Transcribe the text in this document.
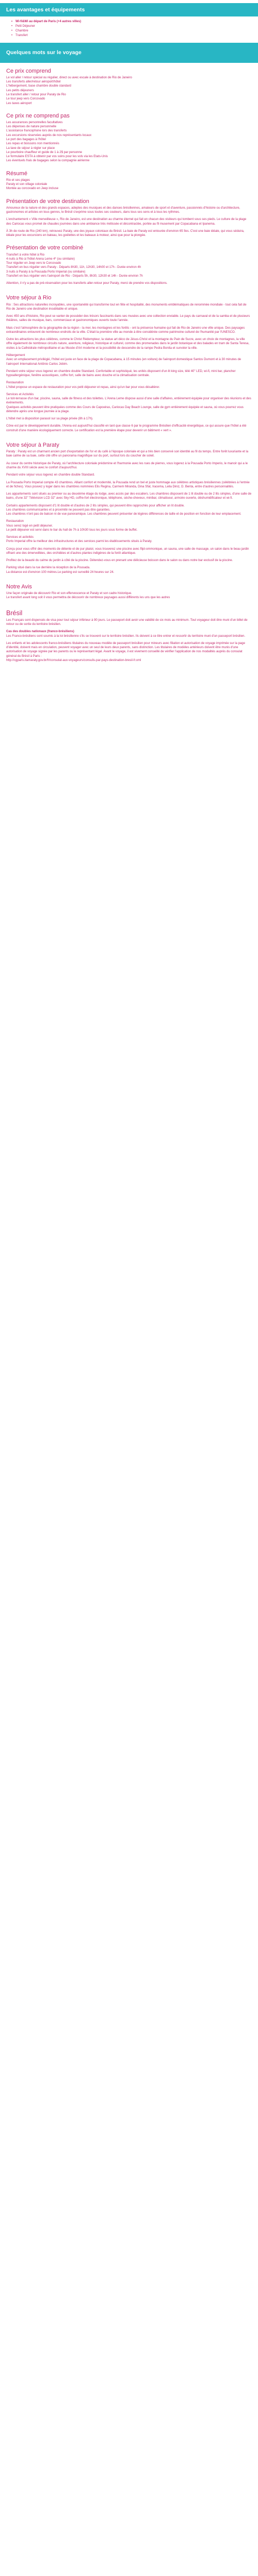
Les avantages et équipements
• Wi-fi&Wi au départ de Paris (+4 autres villes)
• Petit Déjeuner
• Chambre
• Transfert
Quelques mots sur le voyage
Ce prix comprend

Le vol aller / retour spécial ou régulier, direct ou avec escale à destination de Rio de Janeiro

Les transferts aller/retour aéroport/hôtel

L'hébergement, base chambre double standard

Les petits déjeuners

Le transfert aller / retour pour Paraty de Rio

Le tour jeep vers Corcovado

Les taxes aéroport

Ce prix ne comprend pas

Les assurances personnelles facultatives

Les dépenses de nature personnelle

L'assistance francophone lors des transferts

Les excursions réservées auprès de nos représentants locaux

Le port des bagages à l'hôtel

Les repas et boissons non mentionnés

La taxe de séjour à régler sur place

Le pourboire chauffeur et guide de 1 à 2$ par personne

Le formulaire ESTA à obtenir par vos soins pour les vols via les Etats-Unis

Les éventuels frais de bagages selon la compagnie aérienne

Résumé

Rio et ses plages

Paraty et son village coloniale

Montée au corcovado en Jeep incluse

Présentation de votre destination

Amoureux de la nature et des grands espaces, adeptes des musiques et des danses brésiliennes, amateurs de sport et d'aventure, passionnés d'histoire ou d'architecture, gastronomes et artistes en tous genres, le Brésil s'exprime sous toutes ses couleurs, dans tous ses sens et à tous les rythmes.

L'enchantement « Ville merveilleuse », Rio de Janeiro, est une destination au charme éternel qui fait en chacun des visiteurs qui tombent sous ses pieds. Le culture de la plage des Cariocas vous promet de chaudes journées dans une ambiance très métissée et décontractée, portée au fil musement par Copacabana et Ipanema.

À 3h de route de Rio (240 km), retrouvez Paraty, une des joyaux coloniaux du Brésil. La baie de Paraty est entourée d'environ 65 îles. C'est une baie idéale, qui vous séduira, idéale pour les excursions en bateau, les goélettes et les bateaux à moteur, ainsi que pour la plongée.

Présentation de votre combiné

Transfert à votre hôtel à Rio

4 nuits à Rio à l'hôtel Arena Leme 4* (ou similaire)

Tour régulier en Jeep vers le Corcovado

Transfert en bus régulier vers Paraty - Départs 8h30, 11h, 12h30, 14h00 et 17h - Durée environ 4h

3 nuits à Paraty à la Pousada Porto Imperial (ou similaire)

Transfert en bus régulier vers l'aéroport de Rio - Départs 5h, 8h30, 12h30 et 14h - Durée environ 7h

Attention, il n'y a pas de pré-réservation pour les transferts aller-retour pour Paraty, merci de prendre vos dispositions.

Votre séjour à Rio

Rio : Ses attractions naturelles incroyables, une spontanéité qui transforme tout en fête et hospitalité, des monuments emblématiques de renommée mondiale - tout cela fait de Rio de Janeiro une destination inoubliable et unique.

Avec 450 ans d'histoire, Rio peut se vanter de posséder des trésors fascinants dans ses musées avec une collection enviable. Le pays du carnaval et de la samba et de plusieurs théâtres, salles de musique, bars, commerciaux et gastronomiques ouverts toute l'année.

Mais c'est l'atmosphère de la géographie de la région - la mer, les montagnes et les forêts - ont la présence humaine qui fait de Rio de Janeiro une ville unique. Des paysages extraordinaires entourent de nombreux endroits de la ville. C'était la première ville au monde à être considérée comme patrimoine culturel de l'humanité par l'UNESCO.

Outre les attractions les plus célèbres, comme le Christ Rédempteur, la statue art déco de Jésus-Christ et la montagne du Pain de Sucre, avec un choix de montagnes, la ville offre également de nombreux circuits nature, aventure, religieux, historique et culturel, comme des promenades dans le jardin botanique et des balades en tram de Santa Teresa, visites à la Cathédrale métropolitaine et au Musée d'Art moderne et la possibilité de descendre de la rampe Pedra Bonita et survoler la ville.

Hébergement

Avec un emplacement privilégié, l'hôtel est juste en face de la plage de Copacabana, à 15 minutes (en voiture) de l'aéroport domestique Santos Dumont et à 30 minutes de l'aéroport International Antônio Carlos Jobim.

Pendant votre séjour vous logerez en chambre double Standard. Confortable et sophistiqué, les unités disposent d'un lit king size, télé 40" LED, wi-fi, mini bar, plancher hypoallergénique, fenêtre acoustiques, coffre fort, salle de bains avec douche et la climatisation centrale.

Restauration

L'hôtel propose un espace de restauration pour vos petit déjeuner et repas, ainsi qu'un bar pour vous désaltérer.

Services et Activités

Le toit-terrasse d'un bar, piscine, sauna, salle de fitness et des toilettes. L'Arena Leme dispose aussi d'une salle d'affaires, entièrement équipée pour organiser des réunions et des événements.

Quelques activités peuvent être pratiquées comme des Cours de Capoeiras, Cariocas Day Beach Lounge, salle de gym entièrement équipée et sauna, où vous pourrez vous détendre après une longue journée à la plage.

L'hôtel met à disposition parasol sur sa plage privée (8h à 17h).

Cône est par le développement durable, l'Arena est aujourd'hui classifié en tant que classe 6 par le programme Brésilien d'efficacité énergétique, ce qui assure que l'hôtel a été construit d'une manière écologiquement correcte. Le certification est la première étape pour devenir un bâtiment « vert ».

Votre séjour à Paraty

Paraty : Paraty est un charmant ancien port d'exportation de l'or et du café à l'époque coloniale et qui a très bien conservé son identité au fil du temps. Entre forêt luxuriante et la baie calme de sa baie, cette cité offre un panorama magnifique sur du port, surtout lors du coucher de soleil.

Au coeur du centre historique de Paraty, où l'architecture coloniale prédomine et l'harmonie avec les rues de pierres, vous logerez à la Pousada Porto Imperio, le manoir qui a le charme du XVIII siècle avec le confort d'aujourd'hui.

Pendant votre séjour vous logerez en chambre double Standard.

La Pousada Porto Imperial compte 43 chambres. Alliant confort et modernité, la Pousada rend un bel et juste hommage aux célèbres artistiques brésiliennes (célébrées à l'entrée et de fiches). Vous pouvez y loger dans les chambres nommées Elis Regina, Carmem Miranda, Dina Sfat, Iracema, Leila Diniz, D. Benta, entre d'autres personnalités.

Les appartements sont situés au premier ou au deuxième étage du lodge, avec accès par des escaliers. Les chambres disposent de 1 lit double ou de 2 lits simples, d'une salle de bains, d'une 32" Télévision LCD 32" avec Sky HD, coffre-fort électronique, téléphone, sèche-cheveux, minibar, climatiseur, armoire ouverte, déshumidificateur et wi-fi.

Certains appartements disposent d'1 lit double et d'autres de 2 lits simples, qui peuvent être rapprochés pour afficher un lit double.

Les chambres communicantes et à proximité ne peuvent pas être garanties.

Les chambres n'ont pas de balcon ni de vue panoramique. Les chambres peuvent présenter de légères différences de taille et de position en fonction de leur emplacement.

Restauration

Vous serez logé en petit déjeuner.

Le petit déjeuner est servi dans le bar du hall de 7h à 10h30 tous les jours sous forme de buffet.

Services et activités

Porto Imperial offre la meilleur des infrastructures et des services parmi les établissements situés à Paraty.

Conçu pour vous offrir des moments de détente et de pur plaisir, vous trouverez une piscine avec flipt-ommonique, un sauna, une salle de massage, un salon dans le beau jardin offrant une des émerveillées, des orchidées et d'autres plantes indigènes de la forêt atlantique.

Profitez de la beauté du calme du jardin à côté de la piscine. Détendez-vous en prenant une délicieuse boisson dans le salon ou dans notre bar exclusif de la piscine.

Parking situé dans la rue derrière la réception de la Pousada.

La distance est d'environ 100 mètres.Le parking est surveillé 24 heures sur 24.

Notre Avis

Une façon originale de découvrir Rio et son effervescence et Paraty et son cadre historique.

Le transfert avant long soit il vous permettra de découvrir de nombreux paysages aussi différents les uns que les autres

Brésil

Les Français sont dispensés de visa pour tout séjour inférieur à 90 jours. Le passeport doit avoir une validité de six mois au minimum. Tout voyageur doit être muni d'un billet de retour ou de sortie du territoire brésilien.

Cas des doubles nationaux (franco-brésiliens)

Les Franco-brésiliens sont soumis à la loi brésilienne s'ils se trouvent sur le territoire brésilien. Ils doivent à ce titre entrer et ressortir du territoire muni d'un passeport brésilien.

Les enfants et les adolescents franco-brésiliens titulaires du nouveau modèle de passeport brésilien pour mineurs avec filiation et autorisation de voyage imprimée sur la page d'identité, doivent mais en circulation, peuvent voyager avec un seul de leurs deux parents, sans distinction. Les titulaires de modèles antérieurs doivent être munis d'une autorisation de voyage signée par les parents ou le représentant légal. Avant le voyage, il est vivement conseillé de vérifier l'application de nos modalités auprès du consulat général du Brésil à Paris :

http://cgparis.itamaraty.gov.br/fr/consulat-aux-voyageurs/consulis-par-pays-destination-bresil-fr.xml
